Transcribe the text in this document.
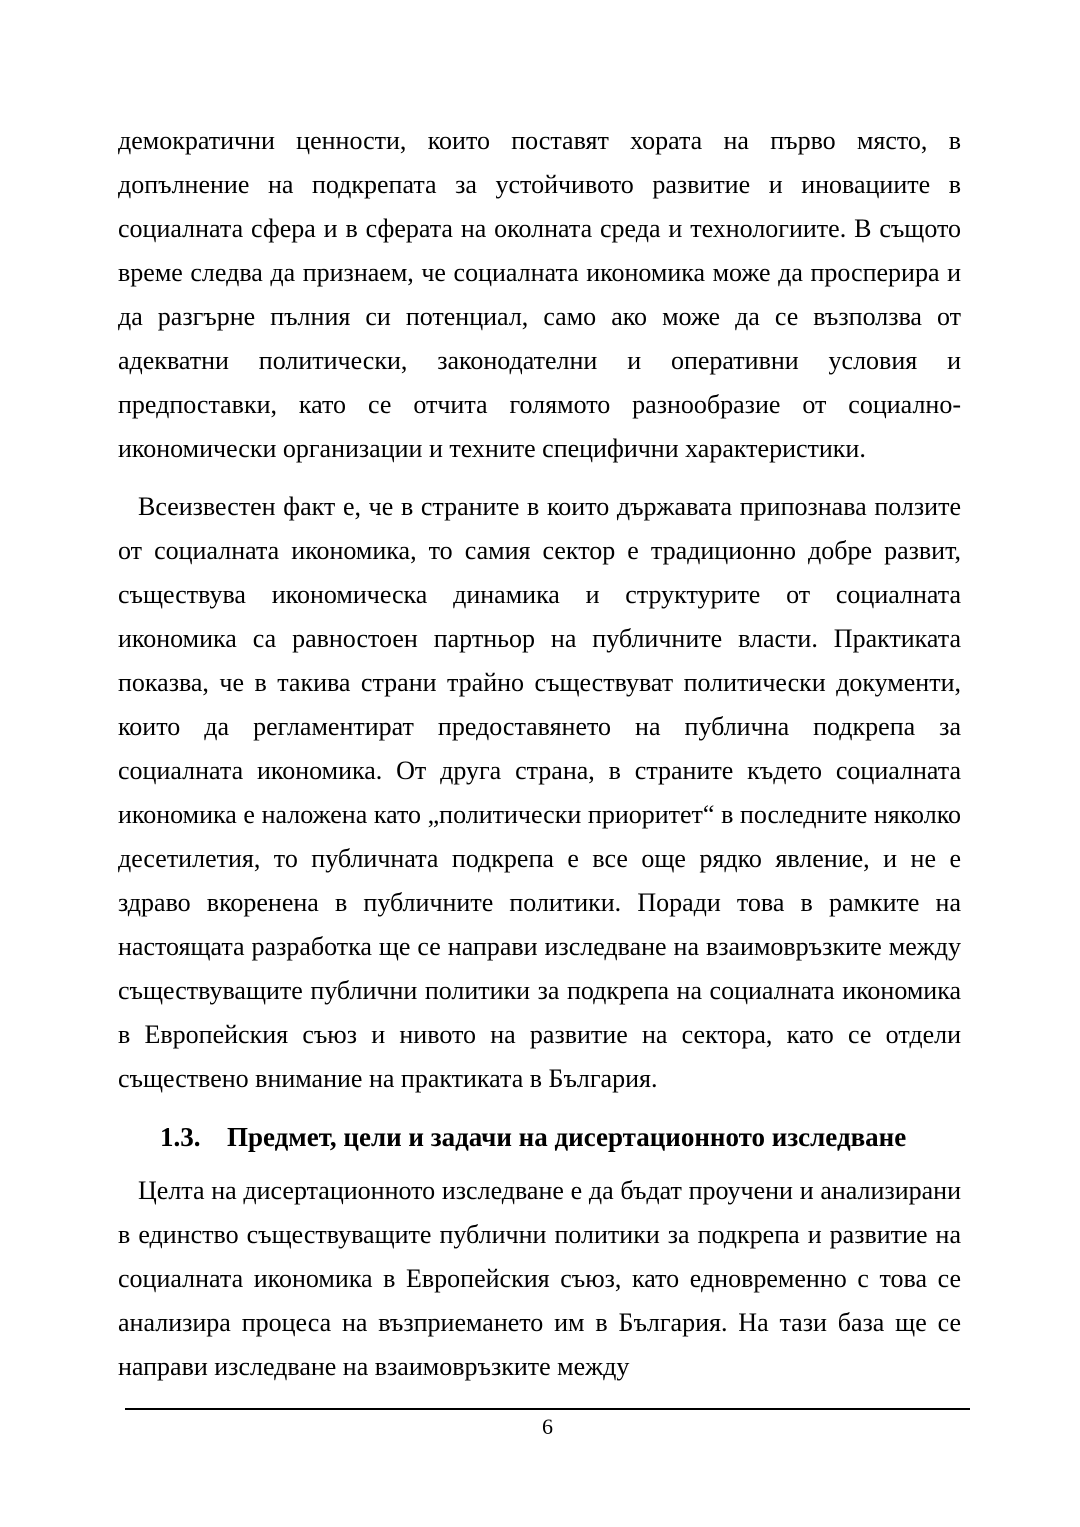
демократични ценности, които поставят хората на първо място, в допълнение на подкрепата за устойчивото развитие и иновациите в социалната сфера и в сферата на околната среда и технологиите. В същото време следва да признаем, че социалната икономика може да просперира и да разгърне пълния си потенциал, само ако може да се възползва от адекватни политически, законодателни и оперативни условия и предпоставки, като се отчита голямото разнообразие от социално-икономически организации и техните специфични характеристики.

Всеизвестен факт е, че в страните в които държавата припознава ползите от социалната икономика, то самия сектор е традиционно добре развит, съществува икономическа динамика и структурите от социалната икономика са равностоен партньор на публичните власти. Практиката показва, че в такива страни трайно съществуват политически документи, които да регламентират предоставянето на публична подкрепа за социалната икономика. От друга страна, в страните където социалната икономика е наложена като „политически приоритет“ в последните няколко десетилетия, то публичната подкрепа е все още рядко явление, и не е здраво вкоренена в публичните политики. Поради това в рамките на настоящата разработка ще се направи изследване на взаимовръзките между съществуващите публични политики за подкрепа на социалната икономика в Европейския съюз и нивото на развитие на сектора, като се отдели съществено внимание на практиката в България.

1.3. Предмет, цели и задачи на дисертационното изследване

Целта на дисертационното изследване е да бъдат проучени и анализирани в единство съществуващите публични политики за подкрепа и развитие на социалната икономика в Европейския съюз, като едновременно с това се анализира процеса на възприемането им в България. На тази база ще се направи изследване на взаимовръзките между

6
